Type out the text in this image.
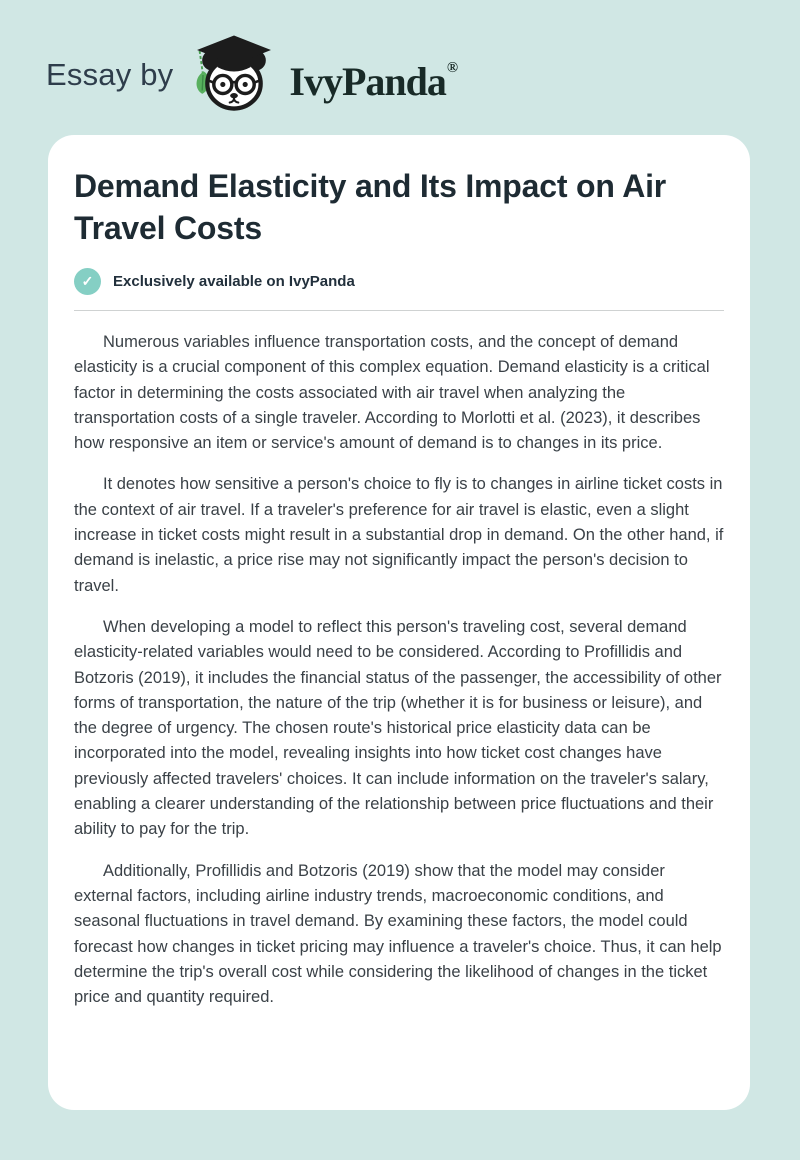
Essay by	IvyPanda ®
Demand Elasticity and Its Impact on Air Travel Costs
✓	Exclusively available on IvyPanda

Numerous variables influence transportation costs, and the concept of demand elasticity is a crucial component of this complex equation. Demand elasticity is a critical factor in determining the costs associated with air travel when analyzing the transportation costs of a single traveler. According to Morlotti et al. (2023), it describes how responsive an item or service's amount of demand is to changes in its price.

It denotes how sensitive a person's choice to fly is to changes in airline ticket costs in the context of air travel. If a traveler's preference for air travel is elastic, even a slight increase in ticket costs might result in a substantial drop in demand. On the other hand, if demand is inelastic, a price rise may not significantly impact the person's decision to travel.

When developing a model to reflect this person's traveling cost, several demand elasticity-related variables would need to be considered. According to Profillidis and Botzoris (2019), it includes the financial status of the passenger, the accessibility of other forms of transportation, the nature of the trip (whether it is for business or leisure), and the degree of urgency. The chosen route's historical price elasticity data can be incorporated into the model, revealing insights into how ticket cost changes have previously affected travelers' choices. It can include information on the traveler's salary, enabling a clearer understanding of the relationship between price fluctuations and their ability to pay for the trip.

Additionally, Profillidis and Botzoris (2019) show that the model may consider external factors, including airline industry trends, macroeconomic conditions, and seasonal fluctuations in travel demand. By examining these factors, the model could forecast how changes in ticket pricing may influence a traveler's choice. Thus, it can help determine the trip's overall cost while considering the likelihood of changes in the ticket price and quantity required.
